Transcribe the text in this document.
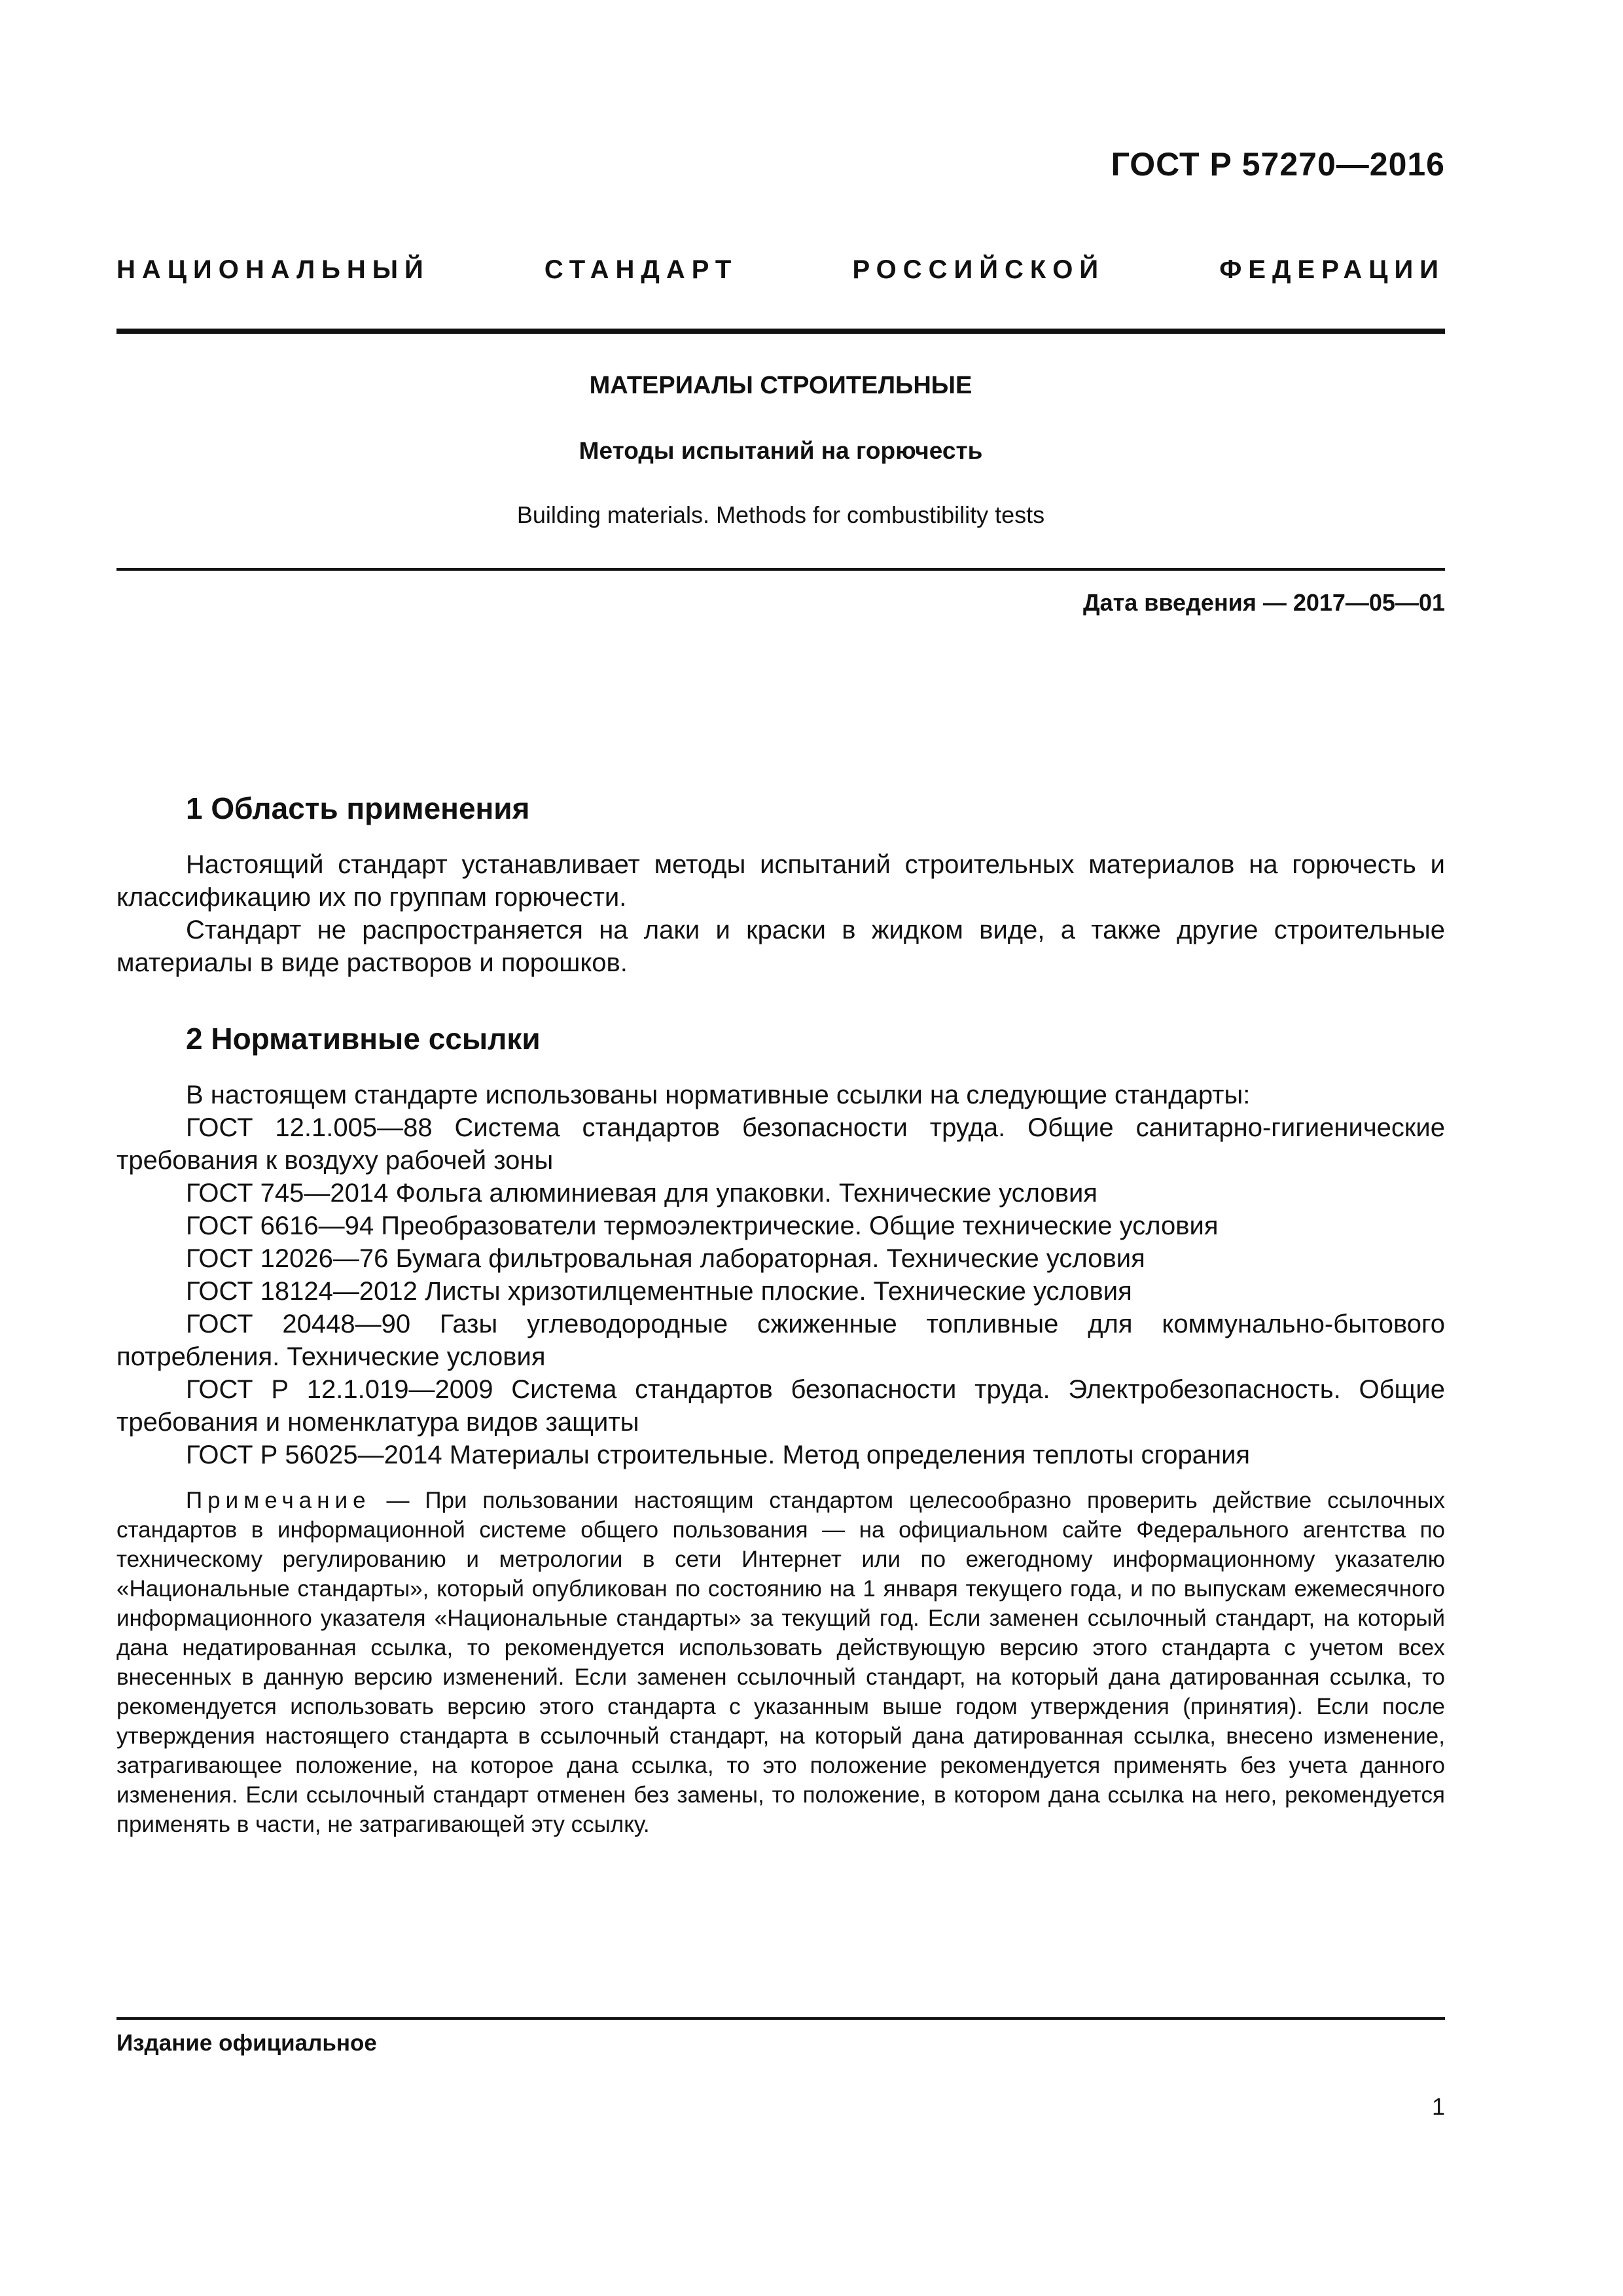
ГОСТ Р 57270—2016
НАЦИОНАЛЬНЫЙ СТАНДАРТ РОССИЙСКОЙ ФЕДЕРАЦИИ
МАТЕРИАЛЫ СТРОИТЕЛЬНЫЕ
Методы испытаний на горючесть
Building materials. Methods for combustibility tests
Дата введения — 2017—05—01
1 Область применения

Настоящий стандарт устанавливает методы испытаний строительных материалов на горючесть и классификацию их по группам горючести.

Стандарт не распространяется на лаки и краски в жидком виде, а также другие строительные материалы в виде растворов и порошков.

2 Нормативные ссылки

В настоящем стандарте использованы нормативные ссылки на следующие стандарты:

ГОСТ 12.1.005—88 Система стандартов безопасности труда. Общие санитарно-гигиенические требования к воздуху рабочей зоны

ГОСТ 745—2014 Фольга алюминиевая для упаковки. Технические условия

ГОСТ 6616—94 Преобразователи термоэлектрические. Общие технические условия

ГОСТ 12026—76 Бумага фильтровальная лабораторная. Технические условия

ГОСТ 18124—2012 Листы хризотилцементные плоские. Технические условия

ГОСТ 20448—90 Газы углеводородные сжиженные топливные для коммунально-бытового потребления. Технические условия

ГОСТ Р 12.1.019—2009 Система стандартов безопасности труда. Электробезопасность. Общие требования и номенклатура видов защиты

ГОСТ Р 56025—2014 Материалы строительные. Метод определения теплоты сгорания

Примечание — При пользовании настоящим стандартом целесообразно проверить действие ссылочных стандартов в информационной системе общего пользования — на официальном сайте Федерального агентства по техническому регулированию и метрологии в сети Интернет или по ежегодному информационному указателю «Национальные стандарты», который опубликован по состоянию на 1 января текущего года, и по выпускам ежемесячного информационного указателя «Национальные стандарты» за текущий год. Если заменен ссылочный стандарт, на который дана недатированная ссылка, то рекомендуется использовать действующую версию этого стандарта с учетом всех внесенных в данную версию изменений. Если заменен ссылочный стандарт, на который дана датированная ссылка, то рекомендуется использовать версию этого стандарта с указанным выше годом утверждения (принятия). Если после утверждения настоящего стандарта в ссылочный стандарт, на который дана датированная ссылка, внесено изменение, затрагивающее положение, на которое дана ссылка, то это положение рекомендуется применять без учета данного изменения. Если ссылочный стандарт отменен без замены, то положение, в котором дана ссылка на него, рекомендуется применять в части, не затрагивающей эту ссылку.

Издание официальное
1
